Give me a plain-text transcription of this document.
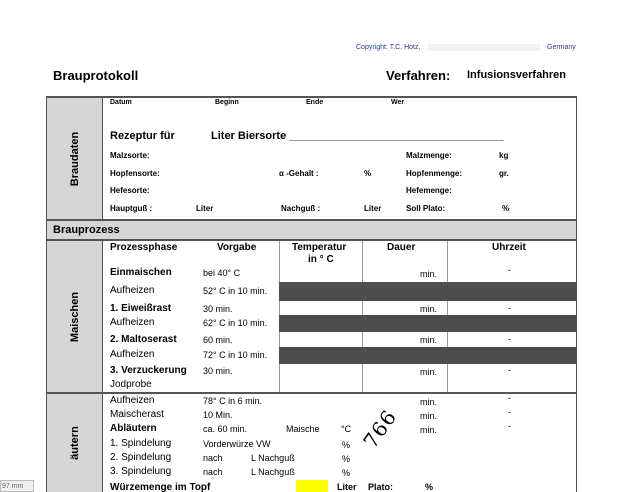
Copyright: T.C. Hotz,	Germany
Brauprotokoll	Verfahren: Infusionsverfahren
Braudaten
Datum	Beginn	Ende	Wer
Rezeptur für	Liter Biersorte ___________________________________
Malzsorte:	Malzmenge:	kg
Hopfensorte:	α -Gehalt :	%	Hopfenmenge:	gr.
Hefesorte:	Hefemenge:
Hauptguß :	Liter	Nachguß :	Liter	Soll Plato:	%
Brauprozess
Maischen
Prozessphase	Vorgabe	Temperatur
in ° C
Dauer	Uhrzeit
Einmaischen	bei 40° C	min.	-
Aufheizen	52° C in 10 min.
1. Eiweißrast	30 min.	min.	-
Aufheizen	62° C in 10 min.
2. Maltoserast	60 min.	min.	-
Aufheizen	72° C in 10 min.
3. Verzuckerung 30 min.	min.	-
Jodprobe
äutern
Aufheizen	78° C in 6 min.	min.	-
Maischerast	10 Min.	min.	-
Abläutern	ca. 60 min.	Maische °C	min.	-
1. Spindelung	Vorderwürze VW	%
2. Spindelung	nach	L Nachguß	%
3. Spindelung	nach	L Nachguß	%
Würzemenge im Topf	Liter Plato:	%
766
97 mm
